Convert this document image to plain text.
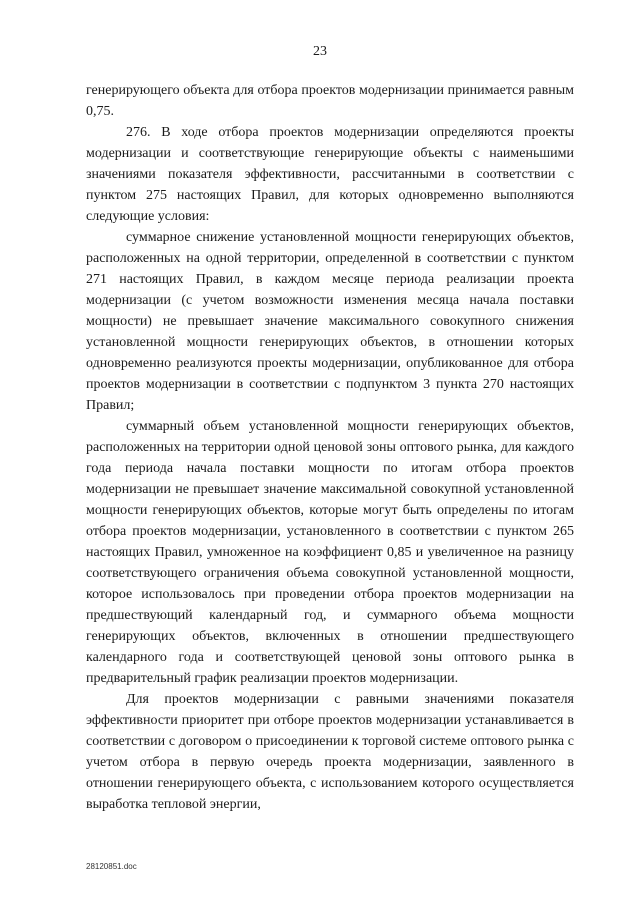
23

генерирующего объекта для отбора проектов модернизации принимается равным 0,75.

276. В ходе отбора проектов модернизации определяются проекты модернизации и соответствующие генерирующие объекты с наименьшими значениями показателя эффективности, рассчитанными в соответствии с пунктом 275 настоящих Правил, для которых одновременно выполняются следующие условия:

суммарное снижение установленной мощности генерирующих объектов, расположенных на одной территории, определенной в соответствии с пунктом 271 настоящих Правил, в каждом месяце периода реализации проекта модернизации (с учетом возможности изменения месяца начала поставки мощности) не превышает значение максимального совокупного снижения установленной мощности генерирующих объектов, в отношении которых одновременно реализуются проекты модернизации, опубликованное для отбора проектов модернизации в соответствии с подпунктом 3 пункта 270 настоящих Правил;

суммарный объем установленной мощности генерирующих объектов, расположенных на территории одной ценовой зоны оптового рынка, для каждого года периода начала поставки мощности по итогам отбора проектов модернизации не превышает значение максимальной совокупной установленной мощности генерирующих объектов, которые могут быть определены по итогам отбора проектов модернизации, установленного в соответствии с пунктом 265 настоящих Правил, умноженное на коэффициент 0,85 и увеличенное на разницу соответствующего ограничения объема совокупной установленной мощности, которое использовалось при проведении отбора проектов модернизации на предшествующий календарный год, и суммарного объема мощности генерирующих объектов, включенных в отношении предшествующего календарного года и соответствующей ценовой зоны оптового рынка в предварительный график реализации проектов модернизации.

Для проектов модернизации с равными значениями показателя эффективности приоритет при отборе проектов модернизации устанавливается в соответствии с договором о присоединении к торговой системе оптового рынка с учетом отбора в первую очередь проекта модернизации, заявленного в отношении генерирующего объекта, с использованием которого осуществляется выработка тепловой энергии,

28120851.doc
